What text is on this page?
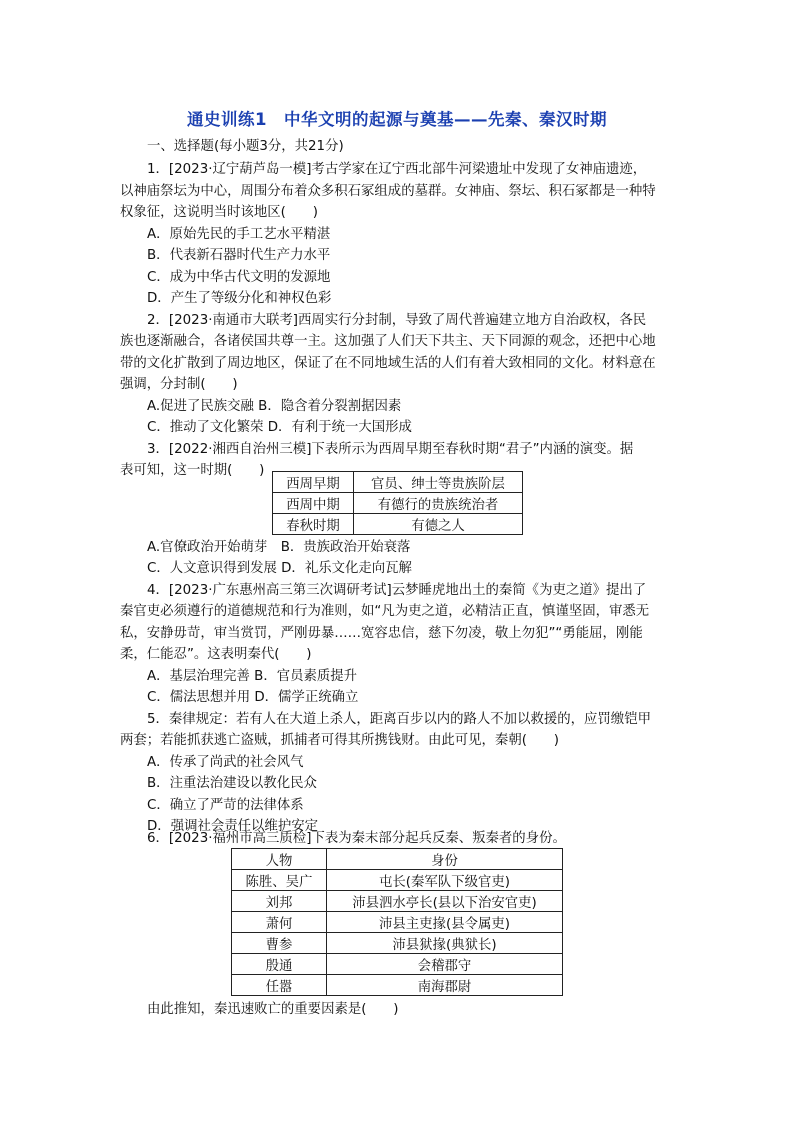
通史训练1　中华文明的起源与奠基——先秦、秦汉时期
一、选择题(每小题3分，共21分)
1．[2023·辽宁葫芦岛一模]考古学家在辽宁西北部牛河梁遗址中发现了女神庙遗迹，
以神庙祭坛为中心，周围分布着众多积石冢组成的墓群。女神庙、祭坛、积石冢都是一种特
权象征，这说明当时该地区(　　)
A．原始先民的手工艺水平精湛
B．代表新石器时代生产力水平
C．成为中华古代文明的发源地
D．产生了等级分化和神权色彩
2．[2023·南通市大联考]西周实行分封制，导致了周代普遍建立地方自治政权，各民
族也逐渐融合，各诸侯国共尊一主。这加强了人们天下共主、天下同源的观念，还把中心地
带的文化扩散到了周边地区，保证了在不同地域生活的人们有着大致相同的文化。材料意在
强调，分封制(　　)
A.促进了民族交融 B．隐含着分裂割据因素
C．推动了文化繁荣 D．有利于统一大国形成
3．[2022·湘西自治州三模]下表所示为西周早期至春秋时期“君子”内涵的演变。据
表可知，这一时期(　　)
西周早期	官员、绅士等贵族阶层
西周中期	有德行的贵族统治者
春秋时期	有德之人
A.官僚政治开始萌芽　B．贵族政治开始衰落
C．人文意识得到发展 D．礼乐文化走向瓦解
4．[2023·广东惠州高三第三次调研考试]云梦睡虎地出土的秦简《为吏之道》提出了
秦官吏必须遵行的道德规范和行为准则，如“凡为吏之道，必精洁正直，慎谨坚固，审悉无
私，安静毋苛，审当赏罚，严刚毋暴……宽容忠信，慈下勿凌，敬上勿犯”“勇能屈，刚能
柔，仁能忍”。这表明秦代(　　)
A．基层治理完善 B．官员素质提升
C．儒法思想并用 D．儒学正统确立
5．秦律规定：若有人在大道上杀人，距离百步以内的路人不加以救援的，应罚缴铠甲
两套；若能抓获逃亡盗贼，抓捕者可得其所携钱财。由此可见，秦朝(　　)
A．传承了尚武的社会风气
B．注重法治建设以教化民众
C．确立了严苛的法律体系
D．强调社会责任以维护安定
6．[2023·福州市高三质检]下表为秦末部分起兵反秦、叛秦者的身份。
人物	身份
陈胜、吴广	屯长(秦军队下级官吏)
刘邦	沛县泗水亭长(县以下治安官吏)
萧何	沛县主吏掾(县令属吏)
曹参	沛县狱掾(典狱长)
殷通	会稽郡守
任嚣	南海郡尉
由此推知，秦迅速败亡的重要因素是(　　)
